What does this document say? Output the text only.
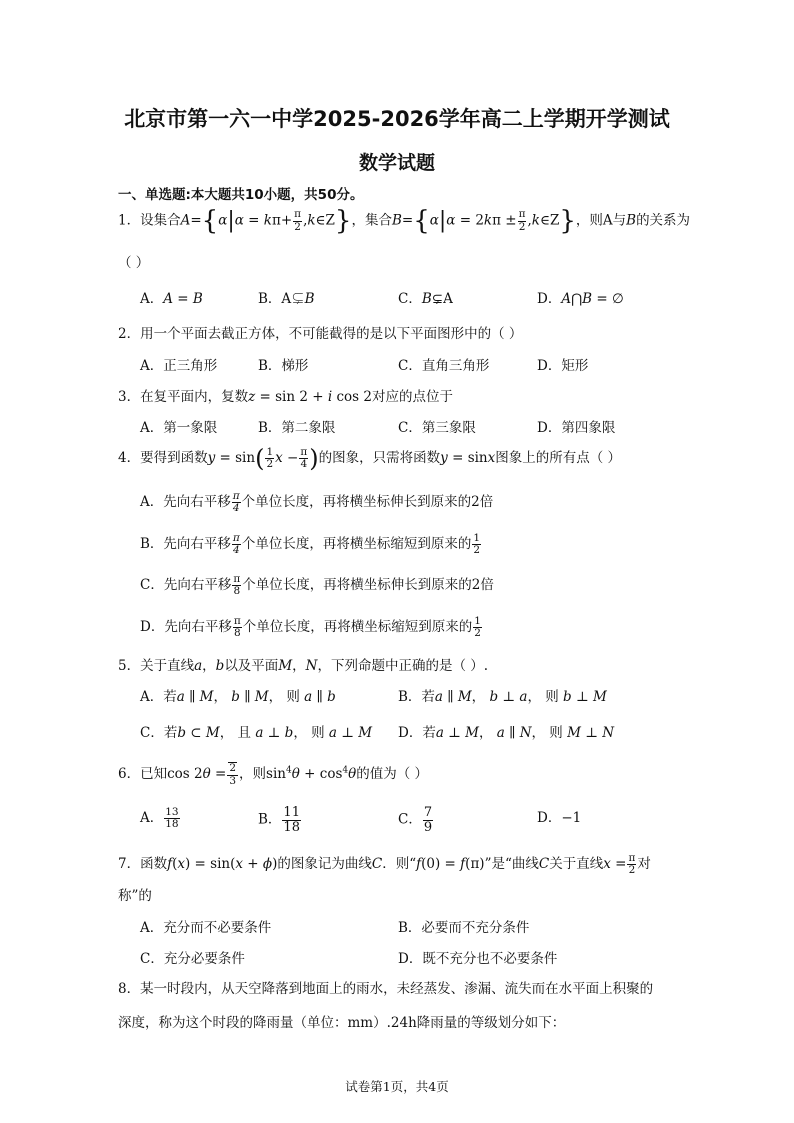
北京市第一六一中学2025-2026学年高二上学期开学测试
数学试题
一、单选题:本大题共10小题，共50分。
1．设集合$A=\{\alpha|\alpha = k\pi+ \frac{\pi}{2}$ ,k∈Z}，集合$B=\{\alpha|\alpha = 2k\pi \pm \frac{\pi}{2}$ ,k∈Z}，则A与B的关系为
（ ）
A．A = B	B．A⊊B	C．B⊊A	D．A⋂B = ∅
2．用一个平面去截正方体，不可能截得的是以下平面图形中的（ ）
A．正三角形	B．梯形	C．直角三角形	D．矩形
3．在复平面内，复数z = sin 2 + i cos 2对应的点位于
A．第一象限	B．第二象限	C．第三象限	D．第四象限
4．要得到函数$y = \sin( \frac{1}{2}$ $x - \frac{\pi}{4}$ )的图象，只需将函数y = sinx图象上的所有点（ ）
A．先向右平移 $\frac{\pi}{4}$ 个单位长度，再将横坐标伸长到原来的2倍
B．先向右平移 $\frac{\pi}{4}$ 个单位长度，再将横坐标缩短到原来的 $\frac{1}{2}$
C．先向右平移 $\frac{\pi}{8}$ 个单位长度，再将横坐标伸长到原来的2倍
D．先向右平移 $\frac{\pi}{8}$ 个单位长度，再将横坐标缩短到原来的 $\frac{1}{2}$
5．关于直线a，b以及平面M，N，下列命题中正确的是（ ）.
A．若a ∥ M， b ∥ M， 则 a ∥ b	B．若a ∥ M， b ⊥ a， 则 b ⊥ M
C．若b ⊂ M， 且 a ⊥ b， 则 a ⊥ M D．若a ⊥ M， a ∥ N， 则 M ⊥ N
6．已知$\cos 2\theta = \frac{2}{3}$ ，则$\sin^4\theta + \cos^4\theta$的值为（ ）
A． $\frac{13}{18}$	B． $\frac{11}{18}$	C． $\frac{7}{9}$	D．−1
7．函数f(x) = sin(x + ϕ)的图象记为曲线C．则“f(0) = f(π)”是“曲线C关于直线$x = \frac{\pi}{2}$ 对
称”的
A．充分而不必要条件	B．必要而不充分条件
C．充分必要条件	D．既不充分也不必要条件
8．某一时段内，从天空降落到地面上的雨水，未经蒸发、渗漏、流失而在水平面上积聚的
深度，称为这个时段的降雨量（单位：mm）.24h降雨量的等级划分如下：
试卷第1页，共4页
